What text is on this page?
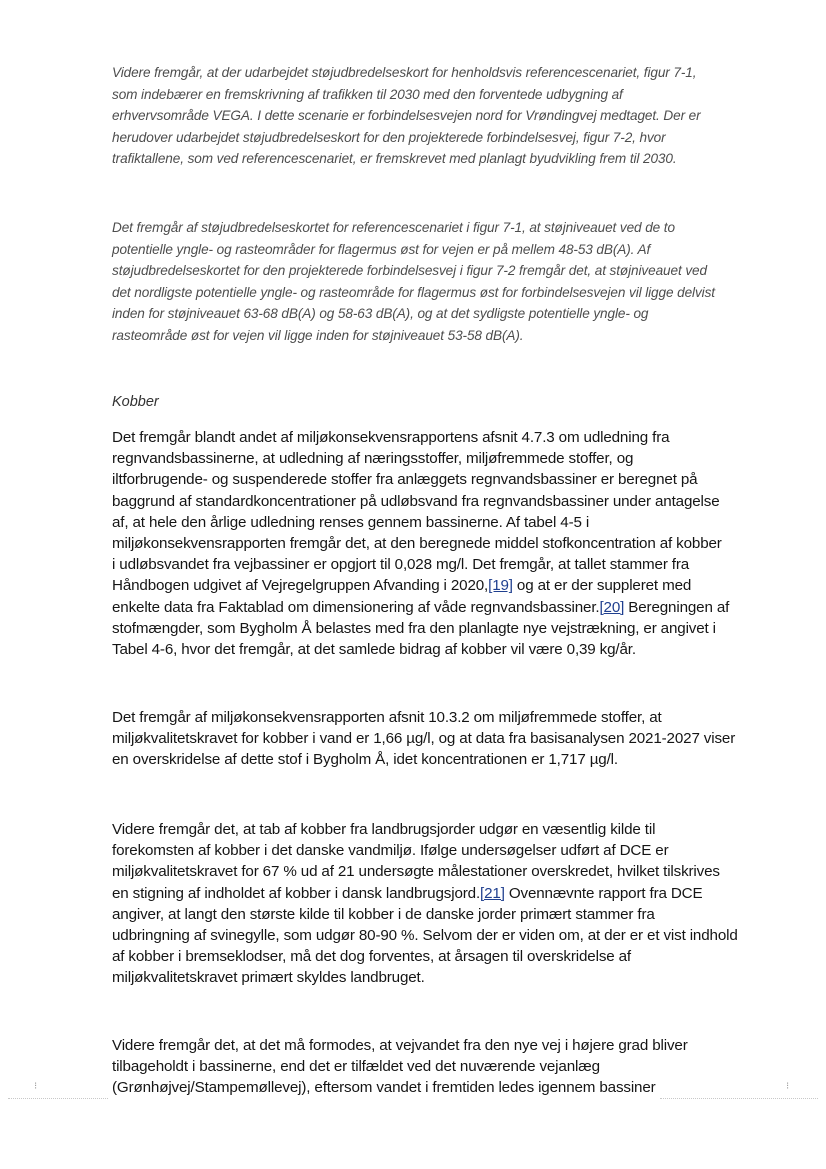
Videre fremgår, at der udarbejdet støjudbredelseskort for henholdsvis referencescenariet, figur 7-1,
som indebærer en fremskrivning af trafikken til 2030 med den forventede udbygning af
erhvervsområde VEGA. I dette scenarie er forbindelsesvejen nord for Vrøndingvej medtaget. Der er
herudover udarbejdet støjudbredelseskort for den projekterede forbindelsesvej, figur 7-2, hvor
trafiktallene, som ved referencescenariet, er fremskrevet med planlagt byudvikling frem til 2030.
Det fremgår af støjudbredelseskortet for referencescenariet i figur 7-1, at støjniveauet ved de to
potentielle yngle- og rasteområder for flagermus øst for vejen er på mellem 48-53 dB(A). Af
støjudbredelseskortet for den projekterede forbindelsesvej i figur 7-2 fremgår det, at støjniveauet ved
det nordligste potentielle yngle- og rasteområde for flagermus øst for forbindelsesvejen vil ligge delvist
inden for støjniveauet 63-68 dB(A) og 58-63 dB(A), og at det sydligste potentielle yngle- og
rasteområde øst for vejen vil ligge inden for støjniveauet 53-58 dB(A).
Kobber
Det fremgår blandt andet af miljøkonsekvensrapportens afsnit 4.7.3 om udledning fra
regnvandsbassinerne, at udledning af næringsstoffer, miljøfremmede stoffer, og
iltforbrugende- og suspenderede stoffer fra anlæggets regnvandsbassiner er beregnet på
baggrund af standardkoncentrationer på udløbsvand fra regnvandsbassiner under antagelse
af, at hele den årlige udledning renses gennem bassinerne. Af tabel 4-5 i
miljøkonsekvensrapporten fremgår det, at den beregnede middel stofkoncentration af kobber
i udløbsvandet fra vejbassiner er opgjort til 0,028 mg/l. Det fremgår, at tallet stammer fra
Håndbogen udgivet af Vejregelgruppen Afvanding i 2020,[19] og at er der suppleret med
enkelte data fra Faktablad om dimensionering af våde regnvandsbassiner.[20] Beregningen af
stofmængder, som Bygholm Å belastes med fra den planlagte nye vejstrækning, er angivet i
Tabel 4-6, hvor det fremgår, at det samlede bidrag af kobber vil være 0,39 kg/år.
Det fremgår af miljøkonsekvensrapporten afsnit 10.3.2 om miljøfremmede stoffer, at
miljøkvalitetskravet for kobber i vand er 1,66 µg/l, og at data fra basisanalysen 2021-2027 viser
en overskridelse af dette stof i Bygholm Å, idet koncentrationen er 1,717 µg/l.
Videre fremgår det, at tab af kobber fra landbrugsjorder udgør en væsentlig kilde til
forekomsten af kobber i det danske vandmiljø. Ifølge undersøgelser udført af DCE er
miljøkvalitetskravet for 67 % ud af 21 undersøgte målestationer overskredet, hvilket tilskrives
en stigning af indholdet af kobber i dansk landbrugsjord.[21] Ovennævnte rapport fra DCE
angiver, at langt den største kilde til kobber i de danske jorder primært stammer fra
udbringning af svinegylle, som udgør 80-90 %. Selvom der er viden om, at der er et vist indhold
af kobber i bremseklodser, må det dog forventes, at årsagen til overskridelse af
miljøkvalitetskravet primært skyldes landbruget.
Videre fremgår det, at det må formodes, at vejvandet fra den nye vej i højere grad bliver
tilbageholdt i bassinerne, end det er tilfældet ved det nuværende vejanlæg
(Grønhøjvej/Stampemøllevej), eftersom vandet i fremtiden ledes igennem bassiner
⁝	⁝
